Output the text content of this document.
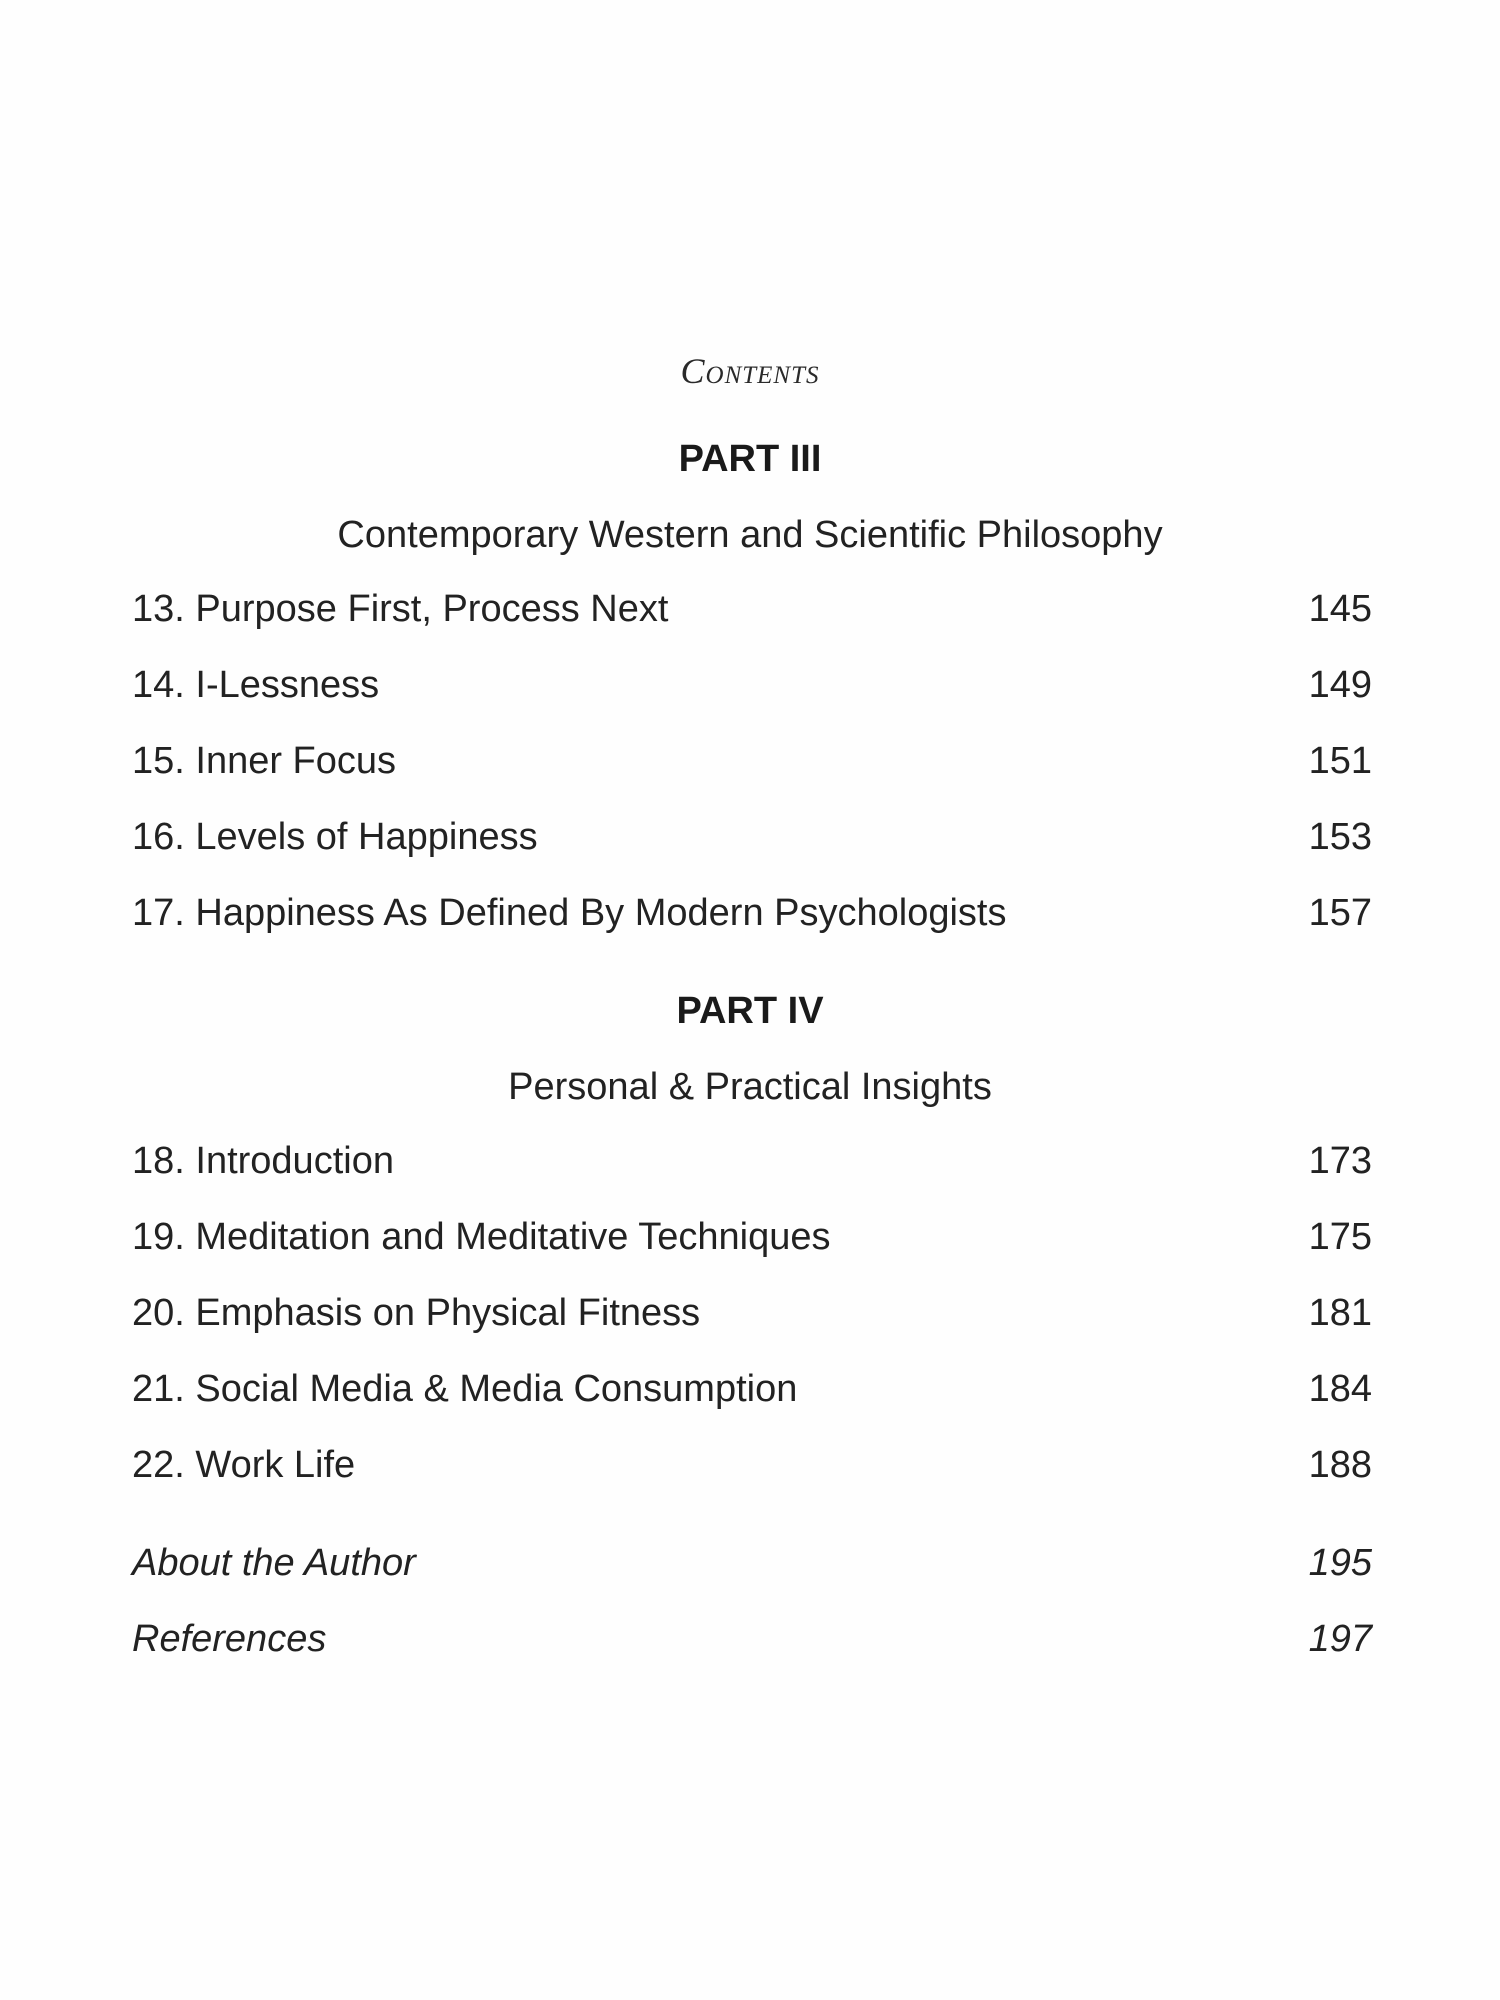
Contents
PART III
Contemporary Western and Scientific Philosophy
13. Purpose First, Process Next	145
14. I-Lessness	149
15. Inner Focus	151
16. Levels of Happiness	153
17. Happiness As Defined By Modern Psychologists	157
PART IV
Personal & Practical Insights
18. Introduction	173
19. Meditation and Meditative Techniques	175
20. Emphasis on Physical Fitness	181
21. Social Media & Media Consumption	184
22. Work Life	188
About the Author	195
References	197
